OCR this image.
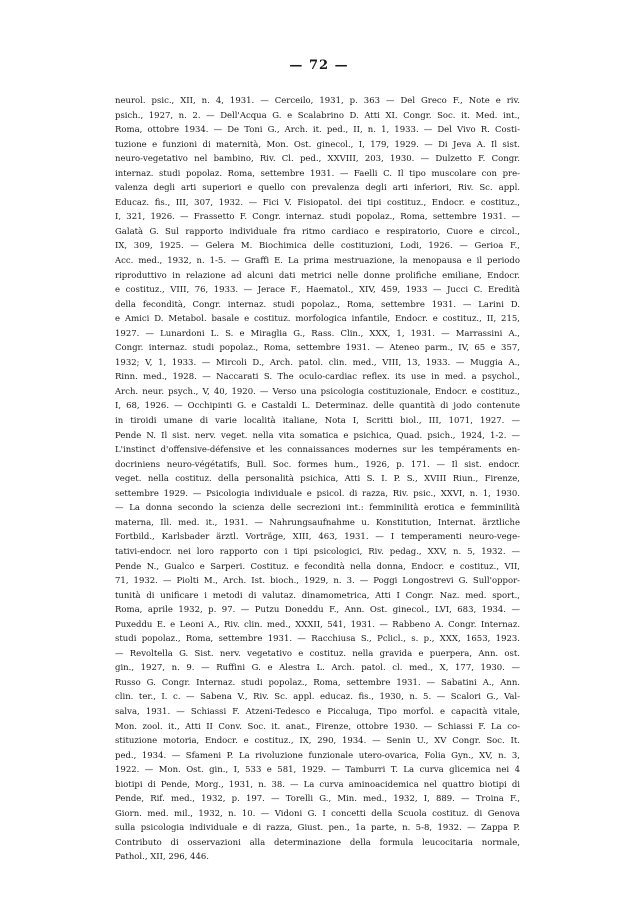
— 72 —
neurol. psic., XII, n. 4, 1931. — Cerceilo, 1931, p. 363 — Del Greco F., Note e riv.
psich., 1927, n. 2. — Dell'Acqua G. e Scalabrino D. Atti XI. Congr. Soc. it. Med. int.,
Roma, ottobre 1934. — De Toni G., Arch. it. ped., II, n. 1, 1933. — Del Vivo R. Costi-
tuzione e funzioni di maternità, Mon. Ost. ginecol., I, 179, 1929. — Di Jeva A. Il sist.
neuro-vegetativo nel bambino, Riv. Cl. ped., XXVIII, 203, 1930. — Dulzetto F. Congr.
internaz. studi popolaz. Roma, settembre 1931. — Faelli C. Il tipo muscolare con pre-
valenza degli arti superiori e quello con prevalenza degli arti inferiori, Riv. Sc. appl.
Educaz. fis., III, 307, 1932. — Fici V. Fisiopatol. dei tipi costituz., Endocr. e costituz.,
I, 321, 1926. — Frassetto F. Congr. internaz. studi popolaz., Roma, settembre 1931. —
Galatà G. Sul rapporto individuale fra ritmo cardiaco e respiratorio, Cuore e circol.,
IX, 309, 1925. — Gelera M. Biochimica delle costituzioni, Lodi, 1926. — Gerioa F.,
Acc. med., 1932, n. 1-5. — Graffi E. La prima mestruazione, la menopausa e il periodo
riproduttivo in relazione ad alcuni dati metrici nelle donne prolifiche emiliane, Endocr.
e costituz., VIII, 76, 1933. — Jerace F., Haematol., XIV, 459, 1933 — Jucci C. Eredità
della fecondità, Congr. internaz. studi popolaz., Roma, settembre 1931. — Larini D.
e Amici D. Metabol. basale e costituz. morfologica infantile, Endocr. e costituz., II, 215,
1927. — Lunardoni L. S. e Miraglia G., Rass. Clin., XXX, 1, 1931. — Marrassini A.,
Congr. internaz. studi popolaz., Roma, settembre 1931. — Ateneo parm., IV, 65 e 357,
1932; V, 1, 1933. — Mircoli D., Arch. patol. clin. med., VIII, 13, 1933. — Muggia A.,
Rinn. med., 1928. — Naccarati S. The oculo-cardiac reflex. its use in med. a psychol.,
Arch. neur. psych., V, 40, 1920. — Verso una psicologia costituzionale, Endocr. e costituz.,
I, 68, 1926. — Occhipinti G. e Castaldi L. Determinaz. delle quantità di jodo contenute
in tiroidi umane di varie località italiane, Nota I, Scritti biol., III, 1071, 1927. —
Pende N. Il sist. nerv. veget. nella vita somatica e psichica, Quad. psich., 1924, 1-2. —
L'instinct d'offensive-défensive et les connaissances modernes sur les tempéraments en-
docriniens neuro-végétatifs, Bull. Soc. formes hum., 1926, p. 171. — Il sist. endocr.
veget. nella costituz. della personalità psichica, Atti S. I. P. S., XVIII Riun., Firenze,
settembre 1929. — Psicologia individuale e psicol. di razza, Riv. psic., XXVI, n. 1, 1930.
— La donna secondo la scienza delle secrezioni int.: femminilità erotica e femminilità
materna, Ill. med. it., 1931. — Nahrungsaufnahme u. Konstitution, Internat. ärztliche
Fortbild., Karlsbader ärztl. Vorträge, XIII, 463, 1931. — I temperamenti neuro-vege-
tativi-endocr. nei loro rapporto con i tipi psicologici, Riv. pedag., XXV, n. 5, 1932. —
Pende N., Gualco e Sarperi. Costituz. e fecondità nella donna, Endocr. e costituz., VII,
71, 1932. — Piolti M., Arch. Ist. bioch., 1929, n. 3. — Poggi Longostrevi G. Sull'oppor-
tunità di unificare i metodi di valutaz. dinamometrica, Atti I Congr. Naz. med. sport.,
Roma, aprile 1932, p. 97. — Putzu Doneddu F., Ann. Ost. ginecol., LVI, 683, 1934. —
Puxeddu E. e Leoni A., Riv. clin. med., XXXII, 541, 1931. — Rabbeno A. Congr. Internaz.
studi popolaz., Roma, settembre 1931. — Racchiusa S., Pclicl., s. p., XXX, 1653, 1923.
— Revoltella G. Sist. nerv. vegetativo e costituz. nella gravida e puerpera, Ann. ost.
gin., 1927, n. 9. — Ruffini G. e Alestra L. Arch. patol. cl. med., X, 177, 1930. —
Russo G. Congr. Internaz. studi popolaz., Roma, settembre 1931. — Sabatini A., Ann.
clin. ter., I. c. — Sabena V., Riv. Sc. appl. educaz. fis., 1930, n. 5. — Scalori G., Val-
salva, 1931. — Schiassi F. Atzeni-Tedesco e Piccaluga, Tipo morfol. e capacità vitale,
Mon. zool. it., Atti II Conv. Soc. it. anat., Firenze, ottobre 1930. — Schiassi F. La co-
stituzione motoria, Endocr. e costituz., IX, 290, 1934. — Senin U., XV Congr. Soc. It.
ped., 1934. — Sfameni P. La rivoluzione funzionale utero-ovarica, Folia Gyn., XV, n. 3,
1922. — Mon. Ost. gin., I, 533 e 581, 1929. — Tamburri T. La curva glicemica nei 4
biotipi di Pende, Morg., 1931, n. 38. — La curva aminoacidemica nel quattro biotipi di
Pende, Rif. med., 1932, p. 197. — Torelli G., Min. med., 1932, I, 889. — Troina F.,
Giorn. med. mil., 1932, n. 10. — Vidoni G. I concetti della Scuola costituz. di Genova
sulla psicologia individuale e di razza, Giust. pen., 1a parte, n. 5-8, 1932. — Zappa P.
Contributo di osservazioni alla determinazione della formula leucocitaria normale,
Pathol., XII, 296, 446.
